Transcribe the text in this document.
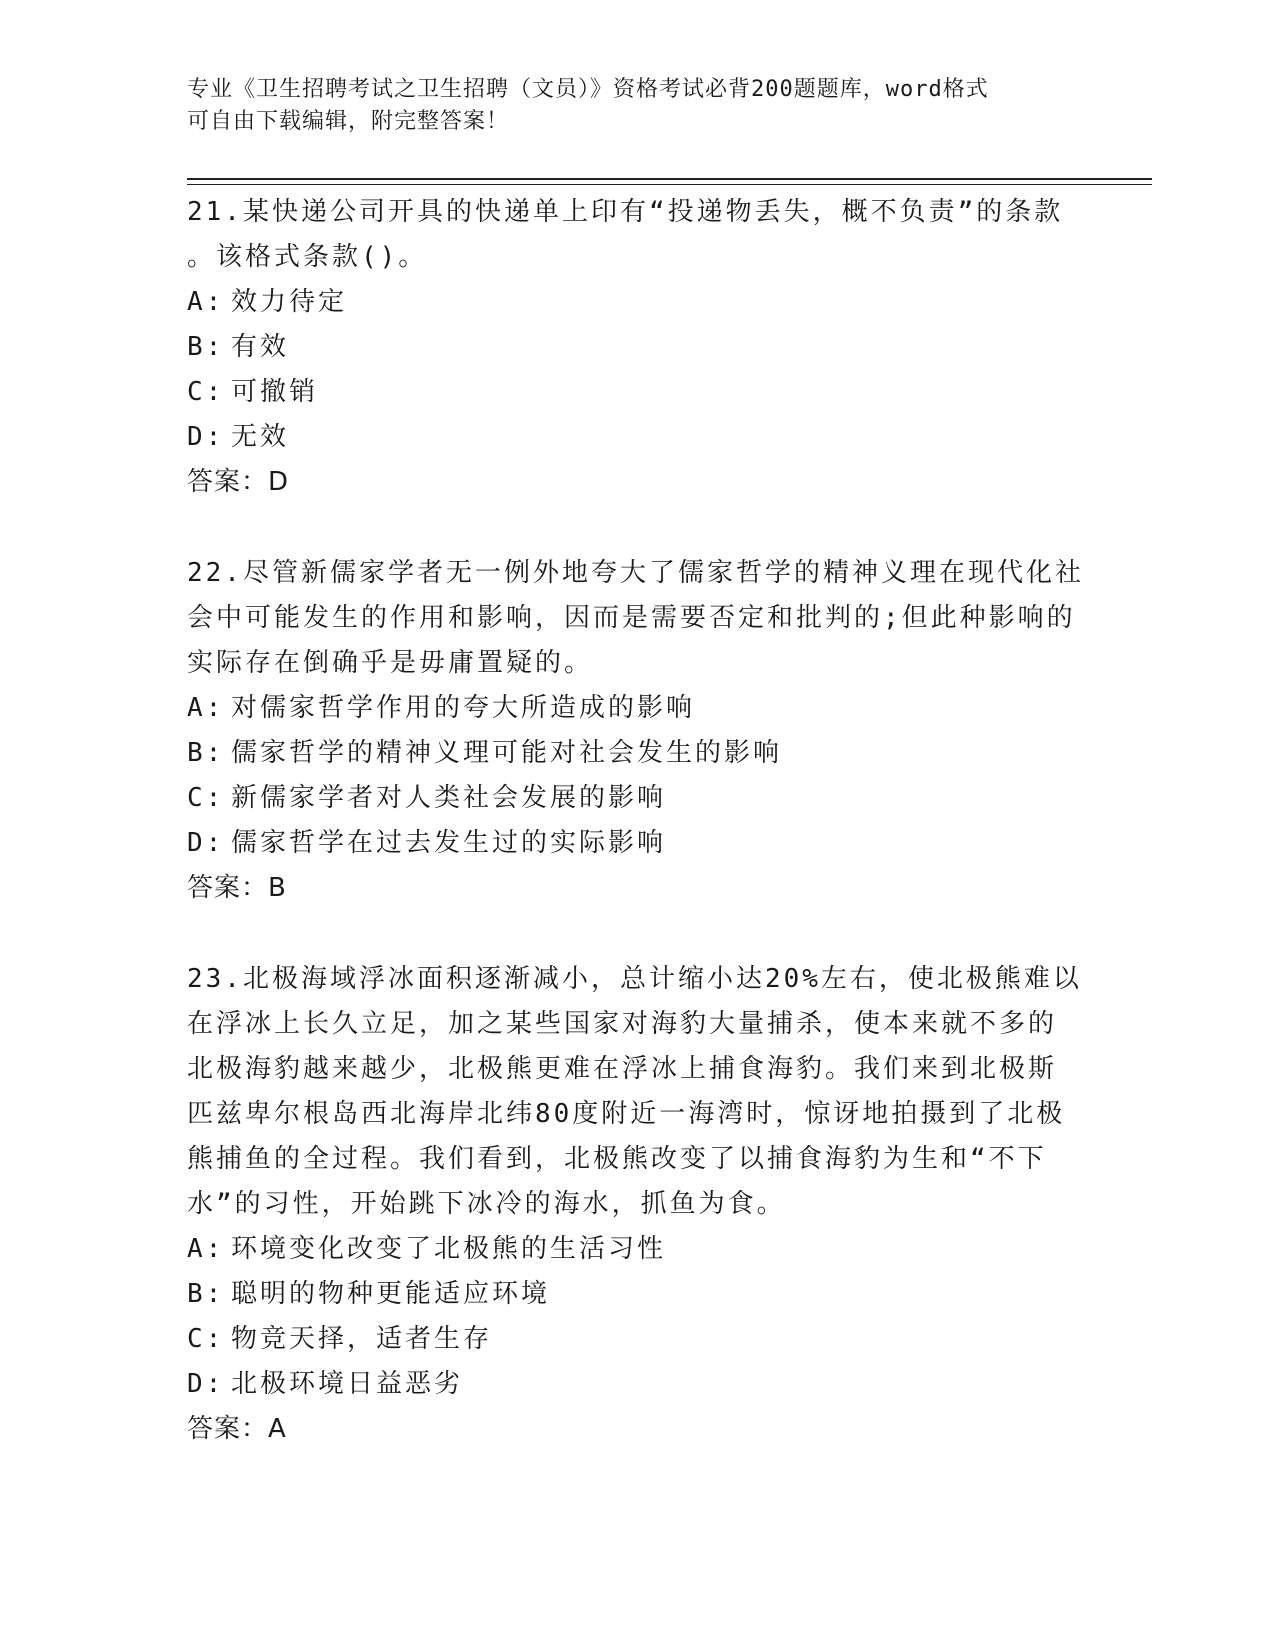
专业《卫生招聘考试之卫生招聘（文员）》资格考试必背200题题库，word格式
可自由下载编辑，附完整答案！

21.某快递公司开具的快递单上印有“投递物丢失，概不负责”的条款

。该格式条款()。

A: 效力待定
B: 有效
C: 可撤销
D: 无效

答案：D

22.尽管新儒家学者无一例外地夸大了儒家哲学的精神义理在现代化社

会中可能发生的作用和影响，因而是需要否定和批判的;但此种影响的

实际存在倒确乎是毋庸置疑的。

A: 对儒家哲学作用的夸大所造成的影响
B: 儒家哲学的精神义理可能对社会发生的影响
C: 新儒家学者对人类社会发展的影响
D: 儒家哲学在过去发生过的实际影响

答案：B

23.北极海域浮冰面积逐渐减小，总计缩小达20%左右，使北极熊难以

在浮冰上长久立足，加之某些国家对海豹大量捕杀，使本来就不多的

北极海豹越来越少，北极熊更难在浮冰上捕食海豹。我们来到北极斯

匹兹卑尔根岛西北海岸北纬80度附近一海湾时，惊讶地拍摄到了北极

熊捕鱼的全过程。我们看到，北极熊改变了以捕食海豹为生和“不下

水”的习性，开始跳下冰冷的海水，抓鱼为食。

A: 环境变化改变了北极熊的生活习性
B: 聪明的物种更能适应环境
C: 物竞天择，适者生存
D: 北极环境日益恶劣

答案：A
